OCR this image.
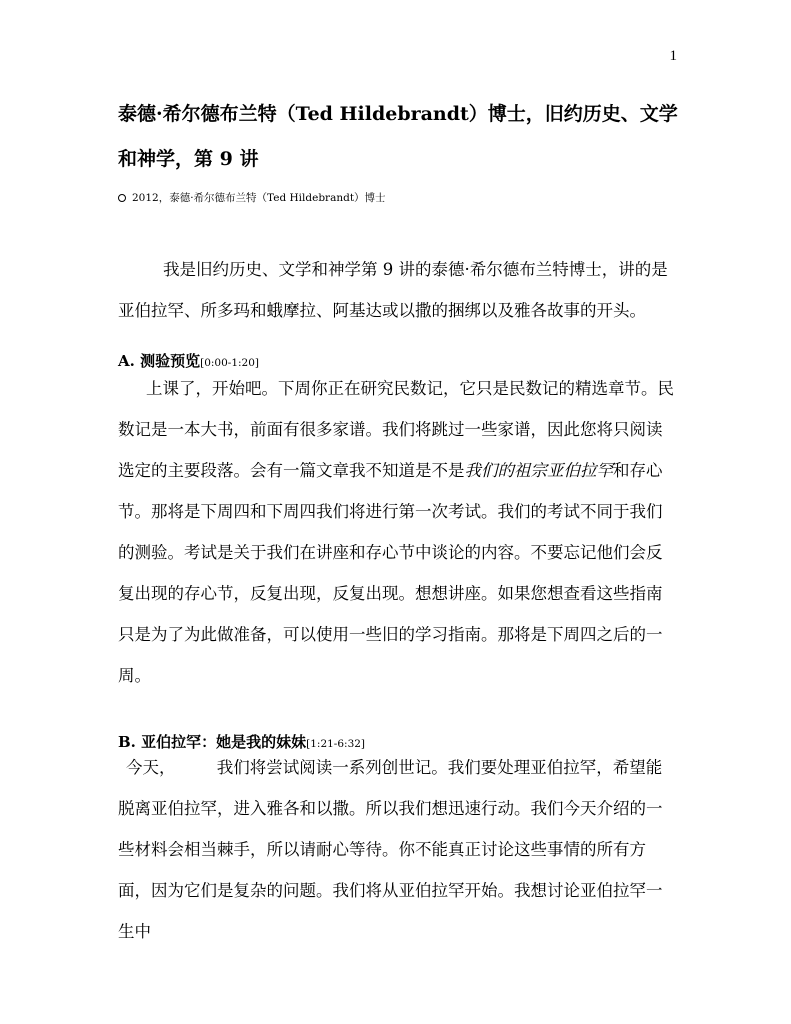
1
泰德·希尔德布兰特（Ted Hildebrandt）博士，旧约历史、文学和神学，第 9 讲
2012，泰德·希尔德布兰特（Ted Hildebrandt）博士

我是旧约历史、文学和神学第 9 讲的泰德·希尔德布兰特博士，讲的是亚伯拉罕、所多玛和蛾摩拉、阿基达或以撒的捆绑以及雅各故事的开头。

A. 测验预览[0:00-1:20]

上课了，开始吧。下周你正在研究民数记，它只是民数记的精选章节。民数记是一本大书，前面有很多家谱。我们将跳过一些家谱，因此您将只阅读选定的主要段落。会有一篇文章我不知道是不是我们的祖宗亚伯拉罕和存心节。那将是下周四和下周四我们将进行第一次考试。我们的考试不同于我们的测验。考试是关于我们在讲座和存心节中谈论的内容。不要忘记他们会反复出现的存心节，反复出现，反复出现。想想讲座。如果您想查看这些指南只是为了为此做准备，可以使用一些旧的学习指南。那将是下周四之后的一周。

B. 亚伯拉罕：她是我的妹妹[1:21-6:32]

今天，　　　我们将尝试阅读一系列创世记。我们要处理亚伯拉罕，希望能脱离亚伯拉罕，进入雅各和以撒。所以我们想迅速行动。我们今天介绍的一些材料会相当棘手，所以请耐心等待。你不能真正讨论这些事情的所有方面，因为它们是复杂的问题。我们将从亚伯拉罕开始。我想讨论亚伯拉罕一生中
